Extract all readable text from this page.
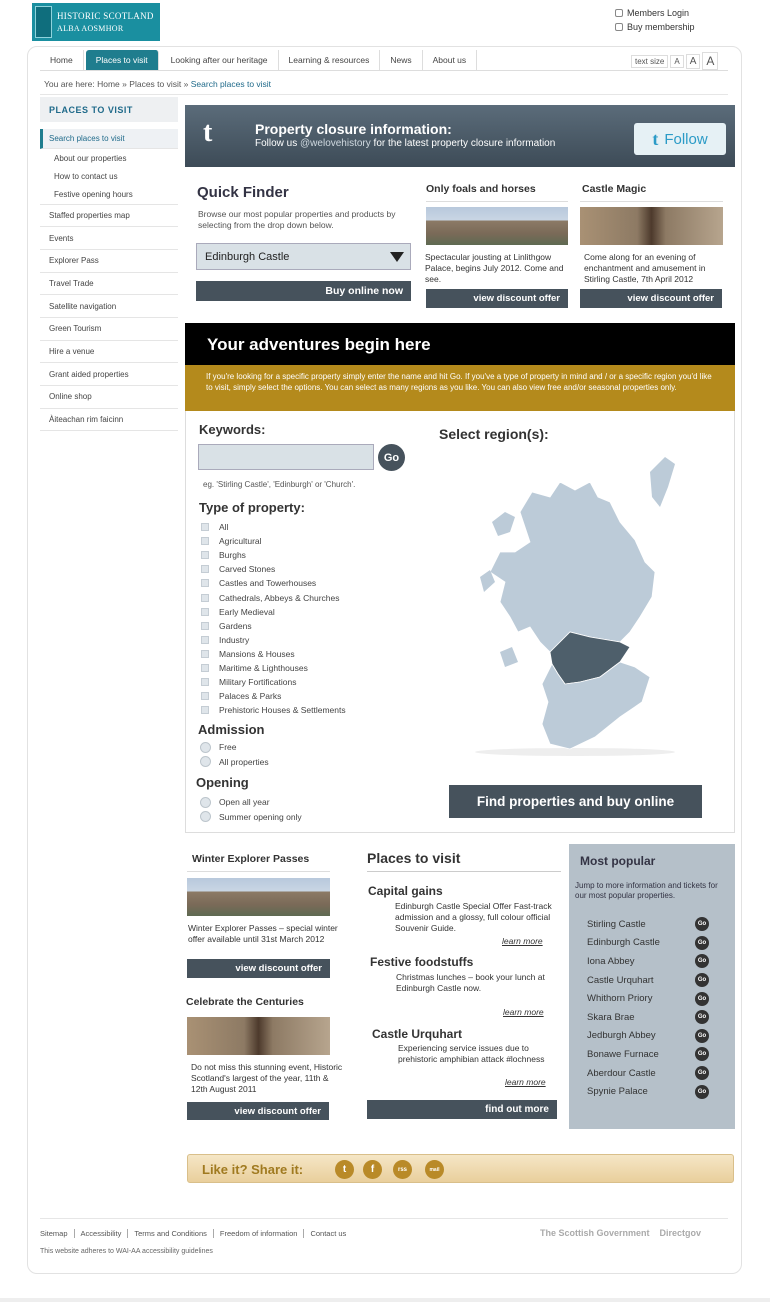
HISTORIC SCOTLAND
ALBA AOSMHOR
Members Login
Buy membership
Home	Places to visit	Looking after our heritage	Learning & resources	News	About us	text size	A	A A
You are here: Home » Places to visit » Search places to visit
PLACES TO VISIT
Search places to visit
About our properties
How to contact us
Festive opening hours
Staffed properties map
Events
Explorer Pass
Travel Trade
Satellite navigation
Green Tourism
Hire a venue
Grant aided properties
Online shop
Àiteachan rim faicinn
t	Property closure information:
Follow us @welovehistory for the latest property closure information	t Follow
Quick Finder
Browse our most popular properties and products by selecting from the drop down below.
Edinburgh Castle
Buy online now
Only foals and horses
Spectacular jousting at Linlithgow Palace, begins July 2012. Come and see.
view discount offer
Castle Magic
Come along for an evening of enchantment and amusement in Stirling Castle, 7th April 2012
view discount offer
Your adventures begin here
If you're looking for a specific property simply enter the name and hit Go. If you've a type of property in mind and / or a specific region you'd like to visit, simply select the options. You can select as many regions as you like. You can also view free and/or seasonal properties only.
Keywords:
Go
eg. 'Stirling Castle', 'Edinburgh' or 'Church'.
Select region(s):
Type of property:
All
Agricultural
Burghs
Carved Stones
Castles and Towerhouses
Cathedrals, Abbeys & Churches
Early Medieval
Gardens
Industry
Mansions & Houses
Maritime & Lighthouses
Military Fortifications
Palaces & Parks
Prehistoric Houses & Settlements
Admission
Free
All properties
Opening
Open all year
Summer opening only
Find properties and buy online
Winter Explorer Passes
Winter Explorer Passes – special winter offer available until 31st March 2012
view discount offer
Celebrate the Centuries
Do not miss this stunning event, Historic Scotland's largest of the year, 11th & 12th August 2011
view discount offer
Places to visit
Capital gains
Edinburgh Castle Special Offer Fast-track admission and a glossy, full colour official Souvenir Guide.
learn more
Festive foodstuffs
Christmas lunches – book your lunch at Edinburgh Castle now.
learn more
Castle Urquhart
Experiencing service issues due to prehistoric amphibian attack #lochness
learn more
find out more
Most popular
Jump to more information and tickets for our most popular properties.
Stirling Castle	Go
Edinburgh Castle	Go
Iona Abbey	Go
Castle Urquhart	Go
Whithorn Priory	Go
Skara Brae	Go
Jedburgh Abbey	Go
Bonawe Furnace	Go
Aberdour Castle	Go
Spynie Palace	Go
Like it? Share it:	t	f	rss	mail
Sitemap	Accessibility	Terms and Conditions	Freedom of information	Contact us
This website adheres to WAI-AA accessibility guidelines
The Scottish Government Directgov
